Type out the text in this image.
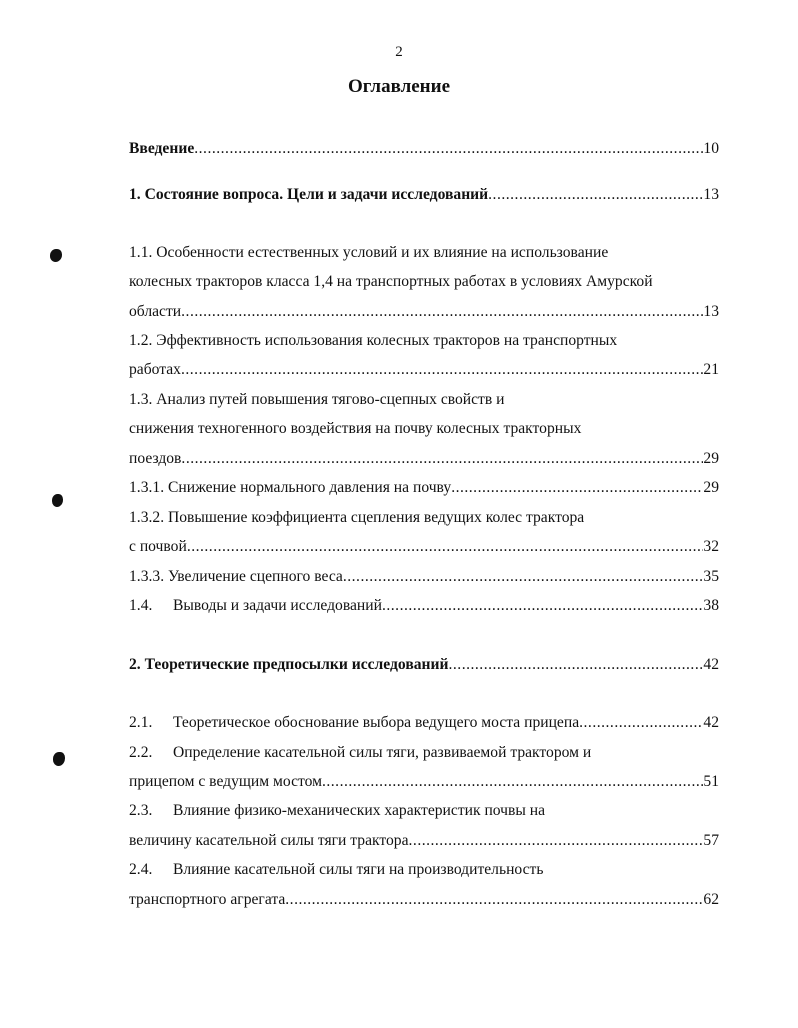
2
Оглавление
Введение .....	10
1. Состояние вопроса. Цели и задачи исследований .....	13
1.1. Особенности естественных условий и их влияние на использование
колесных тракторов класса 1,4 на транспортных работах в условиях Амурской
области .....	13
1.2. Эффективность использования колесных тракторов на транспортных
работах .....	21
1.3. Анализ путей повышения тягово-сцепных свойств и
снижения техногенного воздействия на почву колесных тракторных
поездов .....	29
1.3.1. Снижение нормального давления на почву .....	29
1.3.2. Повышение коэффициента сцепления ведущих колес трактора
с почвой .....	32
1.3.3. Увеличение сцепного веса .....	35
1.4. Выводы и задачи исследований .....	38
2. Теоретические предпосылки исследований .....	42
2.1. Теоретическое обоснование выбора ведущего моста прицепа .....	42
2.2. Определение касательной силы тяги, развиваемой трактором и
прицепом с ведущим мостом .....	51
2.3. Влияние физико-механических характеристик почвы на
величину касательной силы тяги трактора .....	57
2.4. Влияние касательной силы тяги на производительность
транспортного агрегата .....	62
